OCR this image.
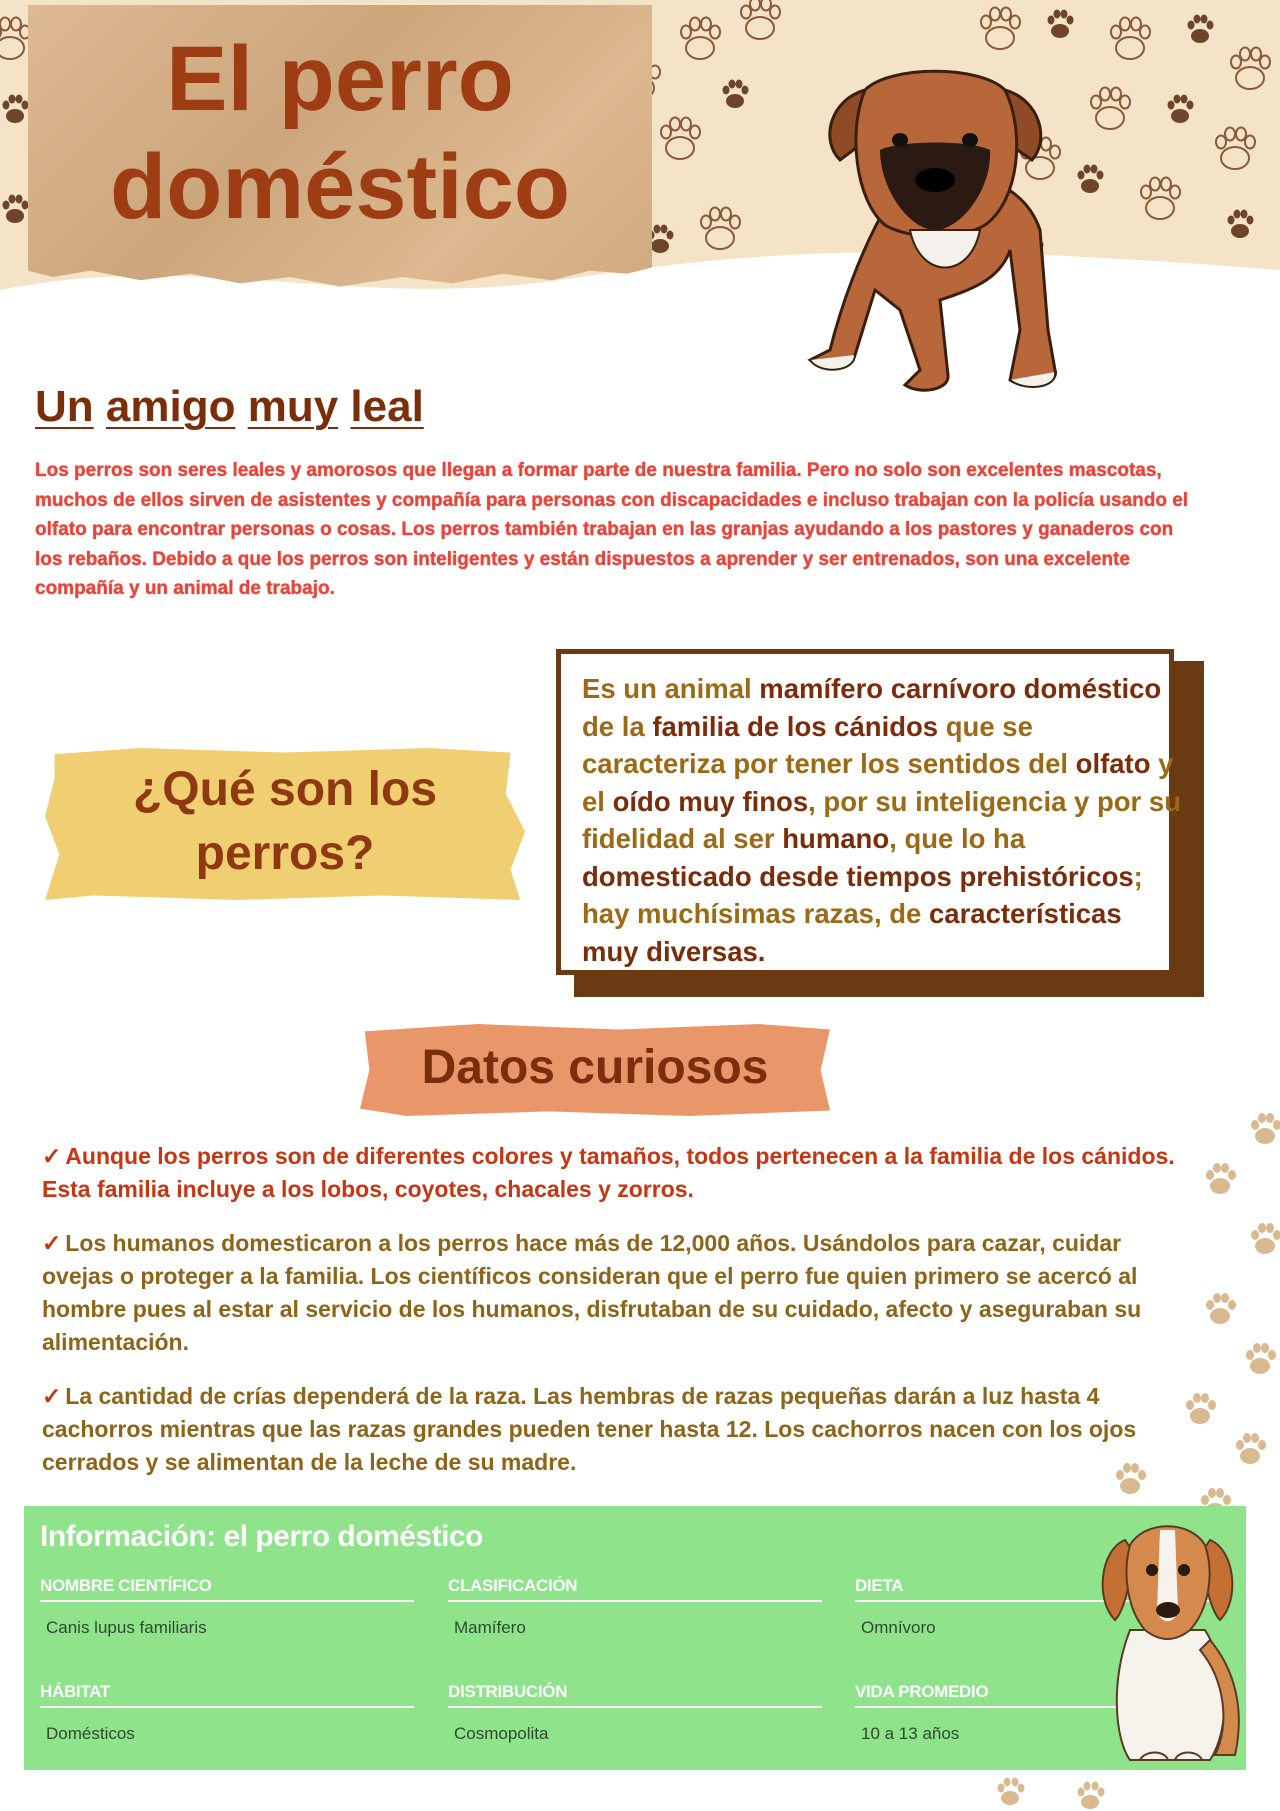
El perro
doméstico
Un amigo muy leal

Los perros son seres leales y amorosos que llegan a formar parte de nuestra familia. Pero no solo son excelentes mascotas, muchos de ellos sirven de asistentes y compañía para personas con discapacidades e incluso trabajan con la policía usando el olfato para encontrar personas o cosas. Los perros también trabajan en las granjas ayudando a los pastores y ganaderos con los rebaños. Debido a que los perros son inteligentes y están dispuestos a aprender y ser entrenados, son una excelente compañía y un animal de trabajo.

¿Qué son los
perros?

Es un animal mamífero carnívoro doméstico de la familia de los cánidos que se caracteriza por tener los sentidos del olfato y el oído muy finos, por su inteligencia y por su fidelidad al ser humano, que lo ha domesticado desde tiempos prehistóricos; hay muchísimas razas, de características muy diversas.

Datos curiosos

✓ Aunque los perros son de diferentes colores y tamaños, todos pertenecen a la familia de los cánidos. Esta familia incluye a los lobos, coyotes, chacales y zorros.

✓ Los humanos domesticaron a los perros hace más de 12,000 años. Usándolos para cazar, cuidar ovejas o proteger a la familia. Los científicos consideran que el perro fue quien primero se acercó al hombre pues al estar al servicio de los humanos, disfrutaban de su cuidado, afecto y aseguraban su alimentación.

✓ La cantidad de crías dependerá de la raza. Las hembras de razas pequeñas darán a luz hasta 4 cachorros mientras que las razas grandes pueden tener hasta 12. Los cachorros nacen con los ojos cerrados y se alimentan de la leche de su madre.

Información: el perro doméstico
NOMBRE CIENTÍFICO
Canis lupus familiaris
CLASIFICACIÓN
Mamífero
DIETA
Omnívoro
HÁBITAT
Domésticos
DISTRIBUCIÓN
Cosmopolita
VIDA PROMEDIO
10 a 13 años
